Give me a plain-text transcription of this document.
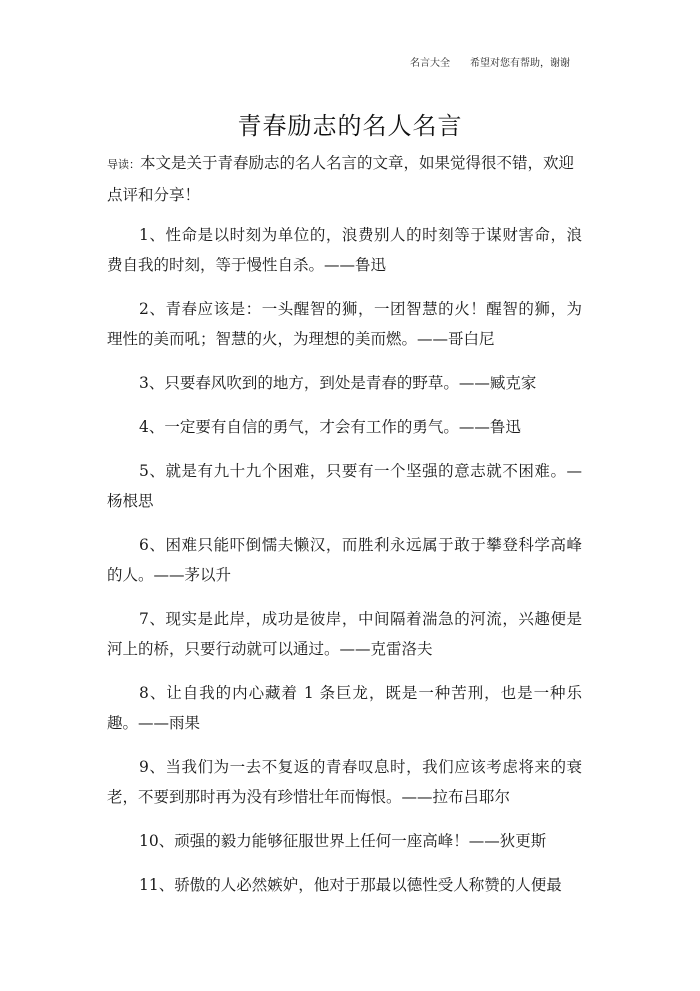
名言大全 希望对您有帮助，谢谢
青春励志的名人名言
导读：本文是关于青春励志的名人名言的文章，如果觉得很不错，欢迎点评和分享！
1、性命是以时刻为单位的，浪费别人的时刻等于谋财害命，浪费自我的时刻，等于慢性自杀。——鲁迅
2、青春应该是：一头醒智的狮，一团智慧的火！醒智的狮，为理性的美而吼；智慧的火，为理想的美而燃。——哥白尼
3、只要春风吹到的地方，到处是青春的野草。——臧克家
4、一定要有自信的勇气，才会有工作的勇气。——鲁迅
5、就是有九十九个困难，只要有一个坚强的意志就不困难。—杨根思
6、困难只能吓倒懦夫懒汉，而胜利永远属于敢于攀登科学高峰的人。——茅以升
7、现实是此岸，成功是彼岸，中间隔着湍急的河流，兴趣便是河上的桥，只要行动就可以通过。——克雷洛夫
8、让自我的内心藏着 1 条巨龙，既是一种苦刑，也是一种乐趣。——雨果
9、当我们为一去不复返的青春叹息时，我们应该考虑将来的衰老，不要到那时再为没有珍惜壮年而悔恨。——拉布吕耶尔
10、顽强的毅力能够征服世界上任何一座高峰！——狄更斯
11、骄傲的人必然嫉妒，他对于那最以德性受人称赞的人便最
